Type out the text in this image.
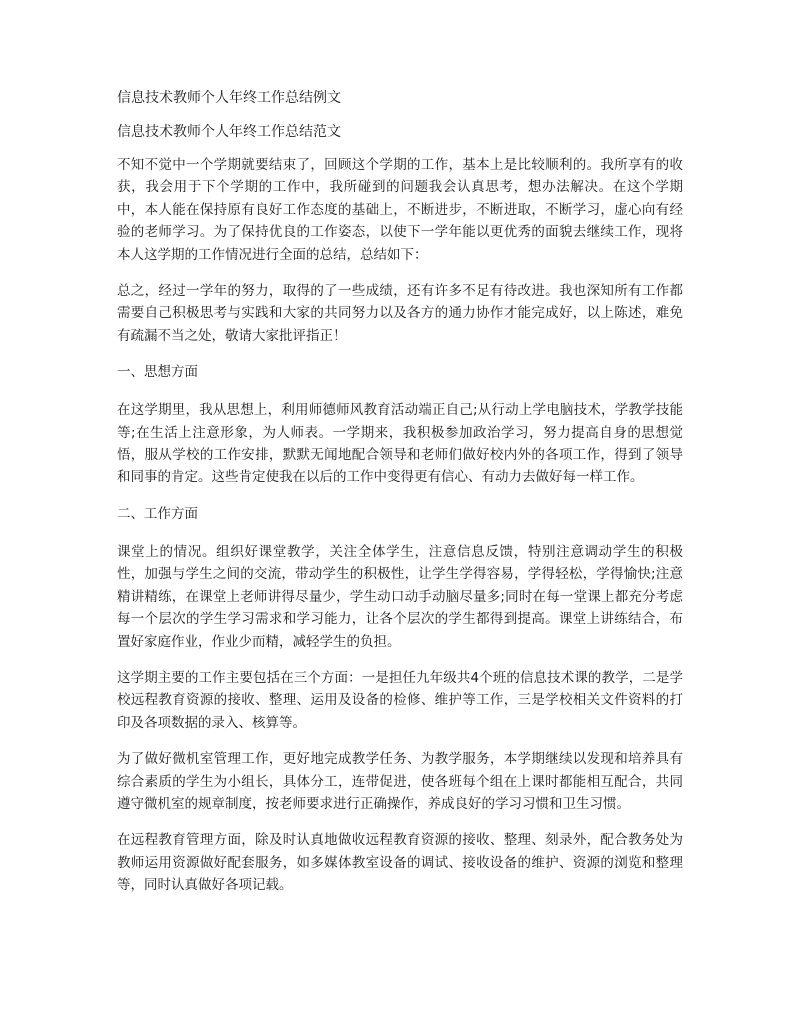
信息技术教师个人年终工作总结例文
信息技术教师个人年终工作总结范文

不知不觉中一个学期就要结束了，回顾这个学期的工作，基本上是比较顺利的。我所享有的收获，我会用于下个学期的工作中，我所碰到的问题我会认真思考，想办法解决。在这个学期中，本人能在保持原有良好工作态度的基础上，不断进步，不断进取，不断学习，虚心向有经验的老师学习。为了保持优良的工作姿态，以使下一学年能以更优秀的面貌去继续工作，现将本人这学期的工作情况进行全面的总结，总结如下：

总之，经过一学年的努力，取得的了一些成绩，还有许多不足有待改进。我也深知所有工作都需要自己积极思考与实践和大家的共同努力以及各方的通力协作才能完成好，以上陈述，难免有疏漏不当之处，敬请大家批评指正！

一、思想方面

在这学期里，我从思想上，利用师德师风教育活动端正自己;从行动上学电脑技术，学教学技能等;在生活上注意形象，为人师表。一学期来，我积极参加政治学习，努力提高自身的思想觉悟，服从学校的工作安排，默默无闻地配合领导和老师们做好校内外的各项工作，得到了领导和同事的肯定。这些肯定使我在以后的工作中变得更有信心、有动力去做好每一样工作。

二、工作方面

课堂上的情况。组织好课堂教学，关注全体学生，注意信息反馈，特别注意调动学生的积极性，加强与学生之间的交流，带动学生的积极性，让学生学得容易，学得轻松，学得愉快;注意精讲精练，在课堂上老师讲得尽量少，学生动口动手动脑尽量多;同时在每一堂课上都充分考虑每一个层次的学生学习需求和学习能力，让各个层次的学生都得到提高。课堂上讲练结合，布置好家庭作业，作业少而精，减轻学生的负担。

这学期主要的工作主要包括在三个方面：一是担任九年级共4个班的信息技术课的教学，二是学校远程教育资源的接收、整理、运用及设备的检修、维护等工作，三是学校相关文件资料的打印及各项数据的录入、核算等。

为了做好微机室管理工作，更好地完成教学任务、为教学服务，本学期继续以发现和培养具有综合素质的学生为小组长，具体分工，连带促进，使各班每个组在上课时都能相互配合，共同遵守微机室的规章制度，按老师要求进行正确操作，养成良好的学习习惯和卫生习惯。

在远程教育管理方面，除及时认真地做收远程教育资源的接收、整理、刻录外，配合教务处为教师运用资源做好配套服务，如多媒体教室设备的调试、接收设备的维护、资源的浏览和整理等，同时认真做好各项记载。
